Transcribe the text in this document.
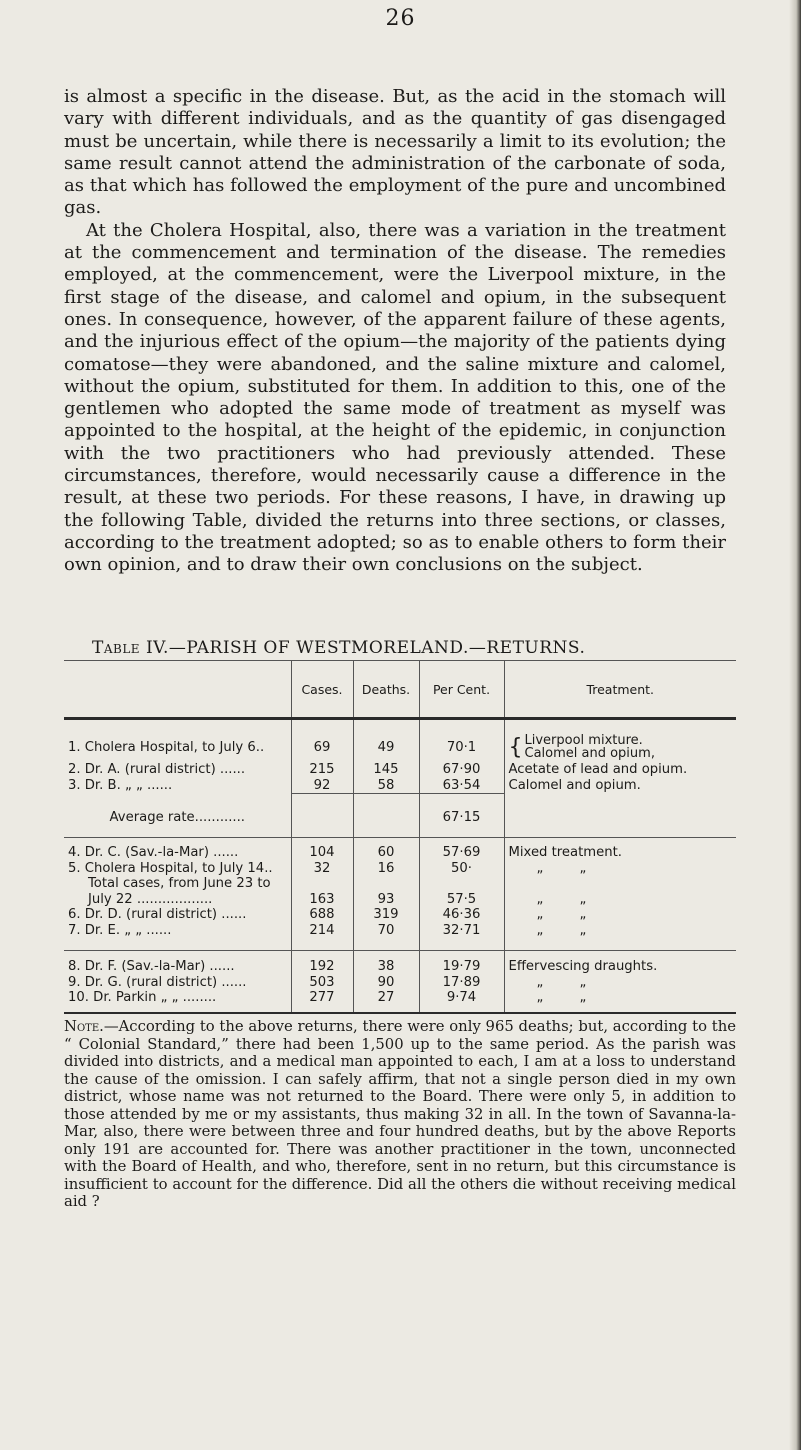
26

is almost a specific in the disease. But, as the acid in the stomach will vary with different individuals, and as the quantity of gas disengaged must be uncertain, while there is necessarily a limit to its evolution; the same result cannot attend the administration of the carbonate of soda, as that which has followed the employment of the pure and uncombined gas.

At the Cholera Hospital, also, there was a variation in the treatment at the commencement and termination of the disease. The remedies employed, at the commencement, were the Liverpool mixture, in the first stage of the disease, and calomel and opium, in the subsequent ones. In consequence, however, of the apparent failure of these agents, and the injurious effect of the opium—the majority of the patients dying comatose—they were abandoned, and the saline mixture and calomel, without the opium, substituted for them. In addition to this, one of the gentlemen who adopted the same mode of treatment as myself was appointed to the hospital, at the height of the epidemic, in conjunction with the two practitioners who had previously attended. These circumstances, therefore, would necessarily cause a difference in the result, at these two periods. For these reasons, I have, in drawing up the following Table, divided the returns into three sections, or classes, according to the treatment adopted; so as to enable others to form their own opinion, and to draw their own conclusions on the subject.

Table IV.—PARISH OF WESTMORELAND.—RETURNS.
	Cases.	Deaths.	Per Cent.	Treatment.
1. Cholera Hospital, to July 6..	69	49	70·1	{ Liverpool mixture.
Calomel and opium,
2. Dr. A. (rural district) ......	215	145	67·90	Acetate of lead and opium.
3. Dr. B. „ „ ......	92	58	63·54	Calomel and opium.
Average rate............			67·15	
4. Dr. C. (Sav.-la-Mar) ......	104	60	57·69	Mixed treatment.
5. Cholera Hospital, to July 14..	32	16	50·	„ „

Total cases, from June 23 to
July 22 ..................	163	93	57·5	„ „
6. Dr. D. (rural district) ......	688	319	46·36	„ „
7. Dr. E. „ „ ......	214	70	32·71	„ „
8. Dr. F. (Sav.-la-Mar) ......	192	38	19·79	Effervescing draughts.
9. Dr. G. (rural district) ......	503	90	17·89	„ „
10. Dr. Parkin „ „ ........	277	27	9·74	„ „
Note.—According to the above returns, there were only 965 deaths; but, according to the “ Colonial Standard,” there had been 1,500 up to the same period. As the parish was divided into districts, and a medical man appointed to each, I am at a loss to understand the cause of the omission. I can safely affirm, that not a single person died in my own district, whose name was not returned to the Board. There were only 5, in addition to those attended by me or my assistants, thus making 32 in all. In the town of Savanna-la-Mar, also, there were between three and four hundred deaths, but by the above Reports only 191 are accounted for. There was another practitioner in the town, unconnected with the Board of Health, and who, therefore, sent in no return, but this circumstance is insufficient to account for the difference. Did all the others die without receiving medical aid ?
